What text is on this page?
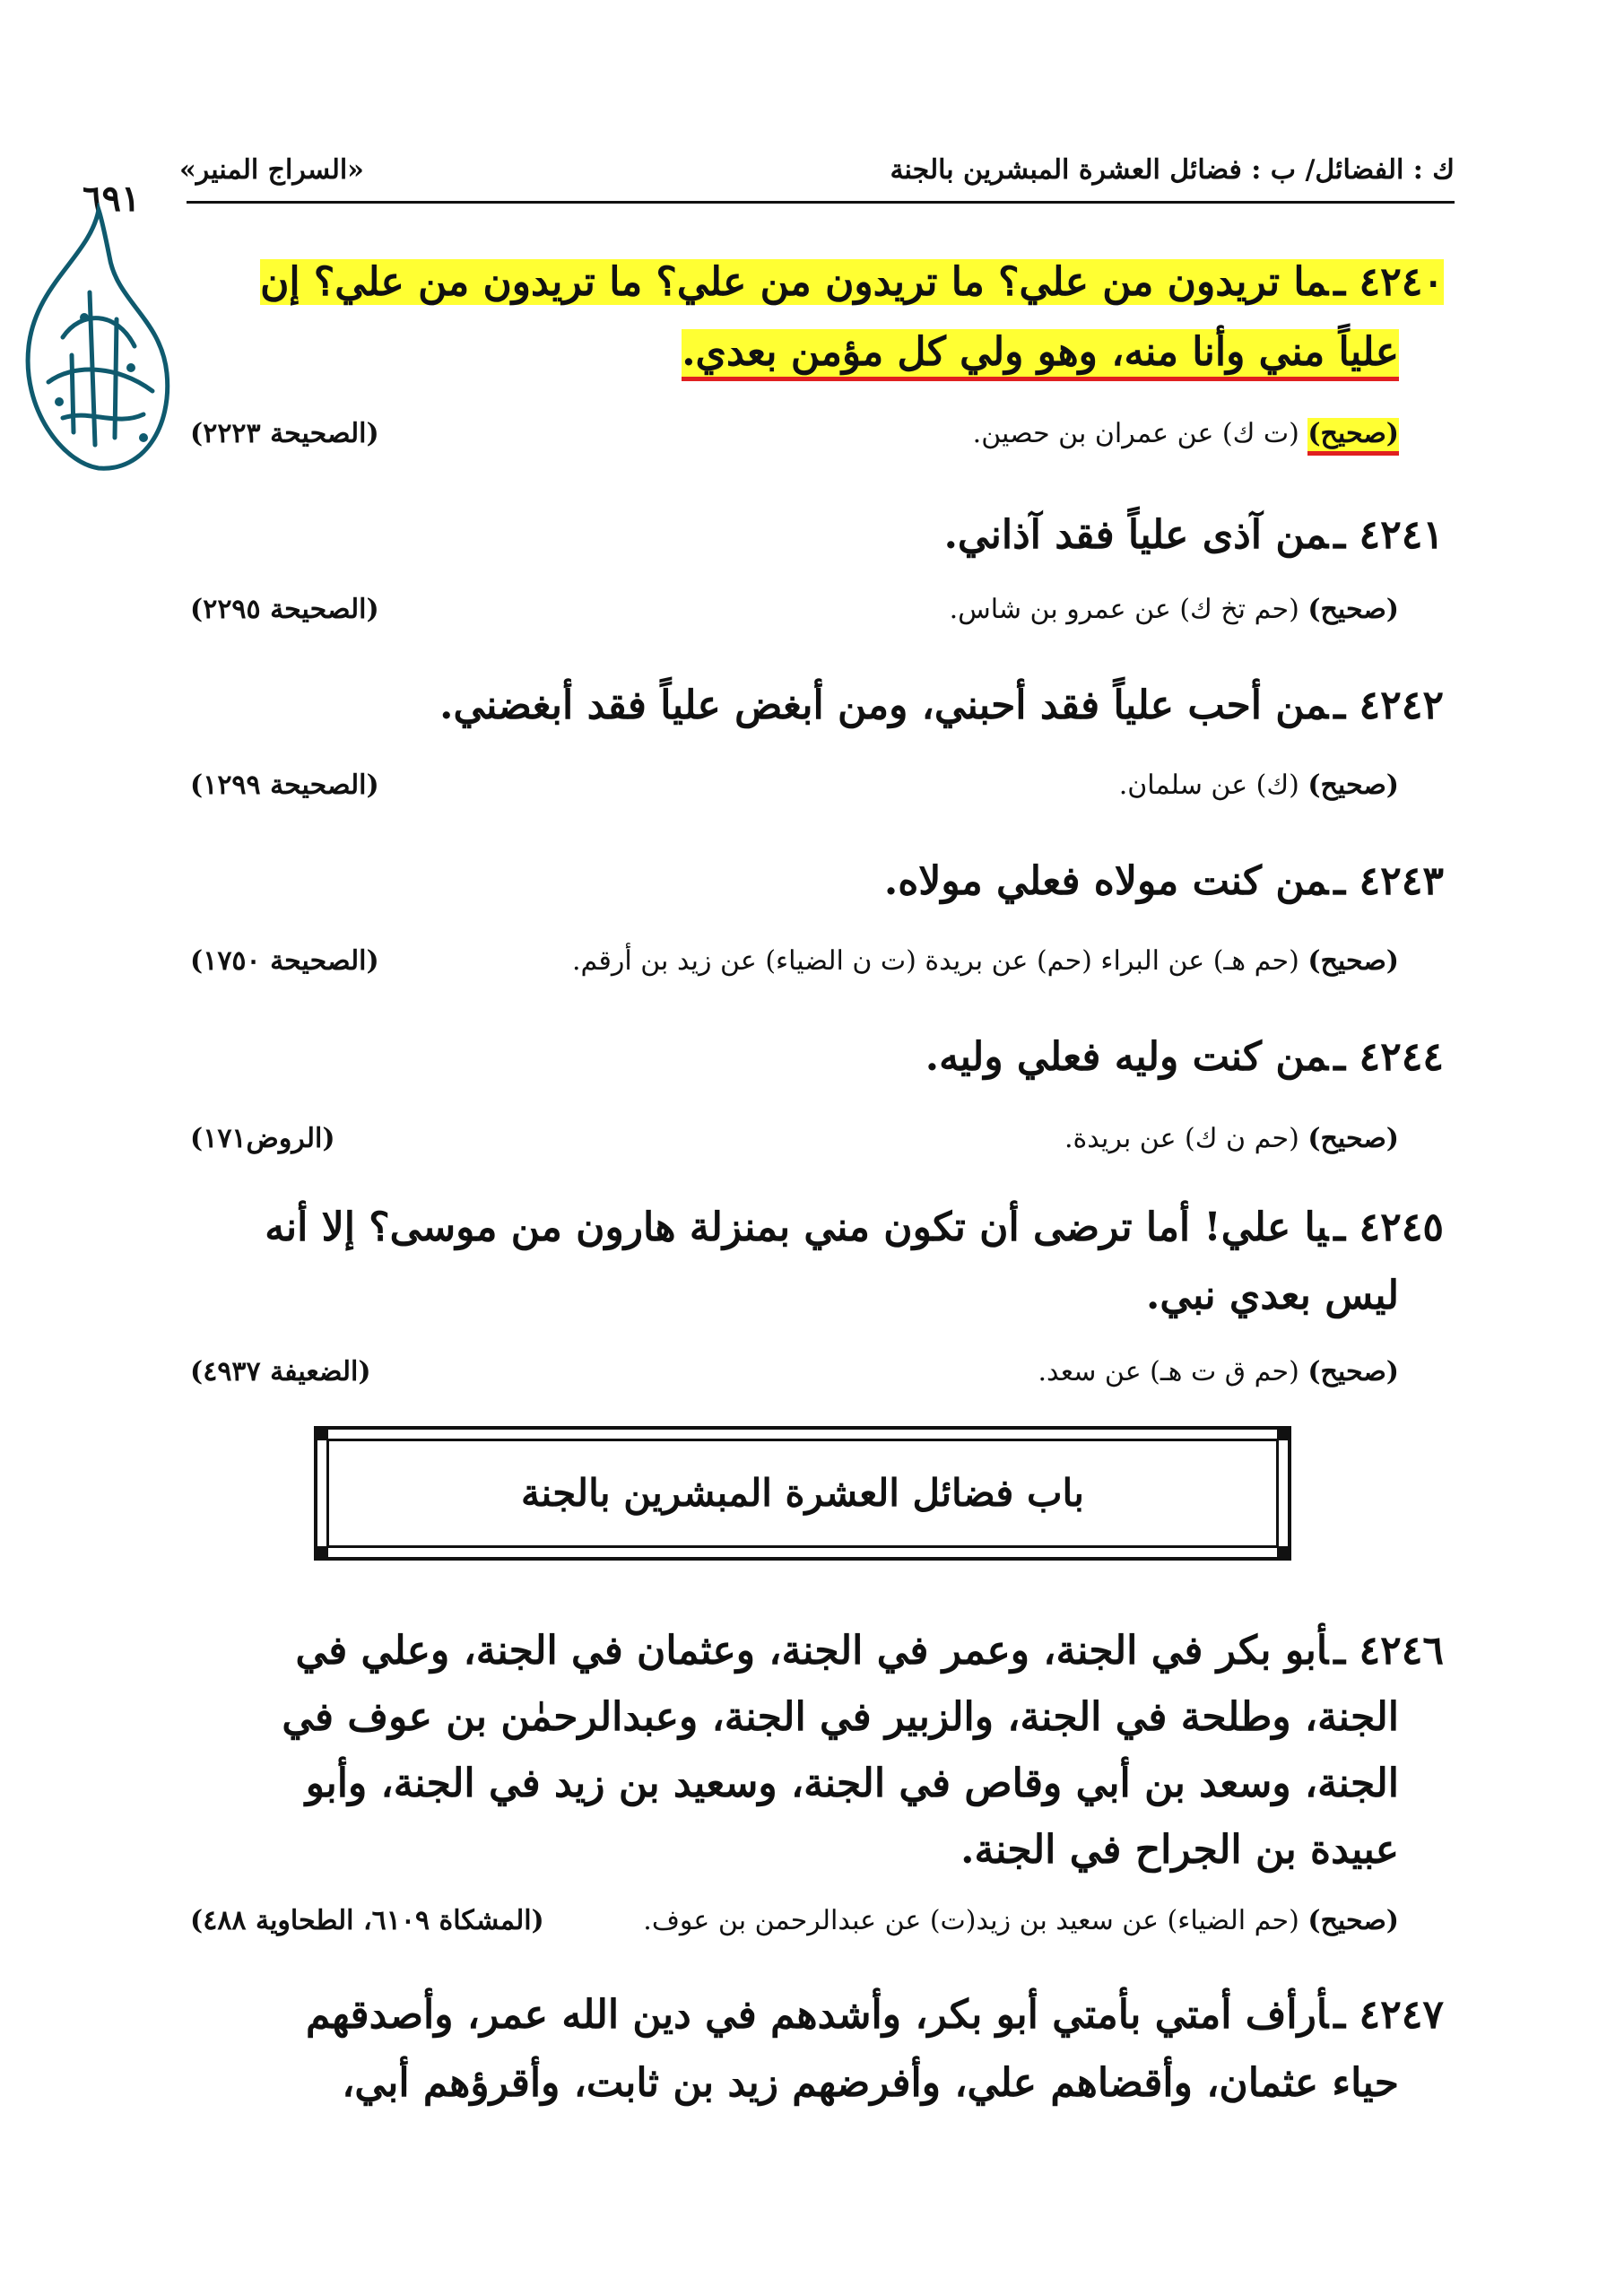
ك : الفضائل/ ب : فضائل العشرة المبشرين بالجنة
«السراج المنير»
٦٩١
٤٢٤٠ ـما تريدون من علي؟ ما تريدون من علي؟ ما تريدون من علي؟ إن
علياً مني وأنا منه، وهو ولي كل مؤمن بعدي.
(صحيح) (ت ك) عن عمران بن حصين.
(الصحيحة ٢٢٢٣)
٤٢٤١ ـمن آذى علياً فقد آذاني.
(صحيح) (حم تخ ك) عن عمرو بن شاس.
(الصحيحة ٢٢٩٥)
٤٢٤٢ ـمن أحب علياً فقد أحبني، ومن أبغض علياً فقد أبغضني.
(صحيح) (ك) عن سلمان.
(الصحيحة ١٢٩٩)
٤٢٤٣ ـمن كنت مولاه فعلي مولاه.
(صحيح) (حم هـ) عن البراء (حم) عن بريدة (ت ن الضياء) عن زيد بن أرقم.
(الصحيحة ١٧٥٠)
٤٢٤٤ ـمن كنت وليه فعلي وليه.
(صحيح) (حم ن ك) عن بريدة.
(الروض١٧١)
٤٢٤٥ ـيا علي! أما ترضى أن تكون مني بمنزلة هارون من موسى؟ إلا أنه
ليس بعدي نبي.
(صحيح) (حم ق ت هـ) عن سعد.
(الضعيفة ٤٩٣٧)
باب فضائل العشرة المبشرين بالجنة
٤٢٤٦ ـأبو بكر في الجنة، وعمر في الجنة، وعثمان في الجنة، وعلي في
الجنة، وطلحة في الجنة، والزبير في الجنة، وعبدالرحمٰن بن عوف في
الجنة، وسعد بن أبي وقاص في الجنة، وسعيد بن زيد في الجنة، وأبو
عبيدة بن الجراح في الجنة.
(صحيح) (حم الضياء) عن سعيد بن زيد(ت) عن عبدالرحمن بن عوف.
(المشكاة ٦١٠٩، الطحاوية ٤٨٨)
٤٢٤٧ ـأرأف أمتي بأمتي أبو بكر، وأشدهم في دين الله عمر، وأصدقهم
حياء عثمان، وأقضاهم علي، وأفرضهم زيد بن ثابت، وأقرؤهم أبي،
